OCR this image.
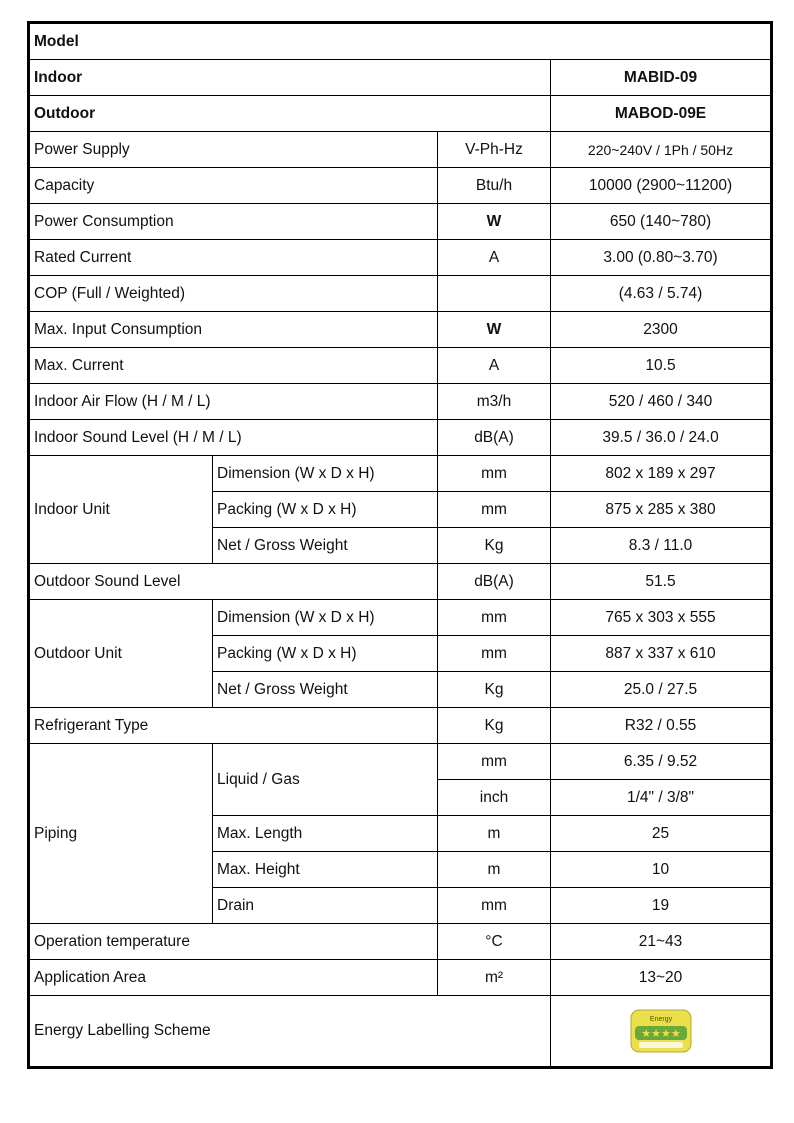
Model			
Indoor			MABID-09
Outdoor			MABOD-09E
Power Supply		V-Ph-Hz	220~240V / 1Ph / 50Hz
Capacity		Btu/h	10000 (2900~11200)
Power Consumption		W	650 (140~780)
Rated Current		A	3.00 (0.80~3.70)
COP (Full / Weighted)			(4.63 / 5.74)
Max. Input Consumption		W	2300
Max. Current		A	10.5
Indoor Air Flow (H / M / L)		m3/h	520 / 460 / 340
Indoor Sound Level (H / M / L)		dB(A)	39.5 / 36.0 / 24.0
Indoor Unit	Dimension (W x D x H)	mm	802 x 189 x 297
	Packing (W x D x H)	mm	875 x 285 x 380
	Net / Gross Weight	Kg	8.3 / 11.0
Outdoor Sound Level		dB(A)	51.5
Outdoor Unit	Dimension (W x D x H)	mm	765 x 303 x 555
	Packing (W x D x H)	mm	887 x 337 x 610
	Net / Gross Weight	Kg	25.0 / 27.5
Refrigerant Type		Kg	R32 / 0.55
Piping	Liquid / Gas	mm	6.35 / 9.52
		inch	1/4" / 3/8"
	Max. Length	m	25
	Max. Height	m	10
	Drain	mm	19
Operation temperature		°C	21~43
Application Area		m²	13~20
Energy Labelling Scheme			Energy
★★★★
